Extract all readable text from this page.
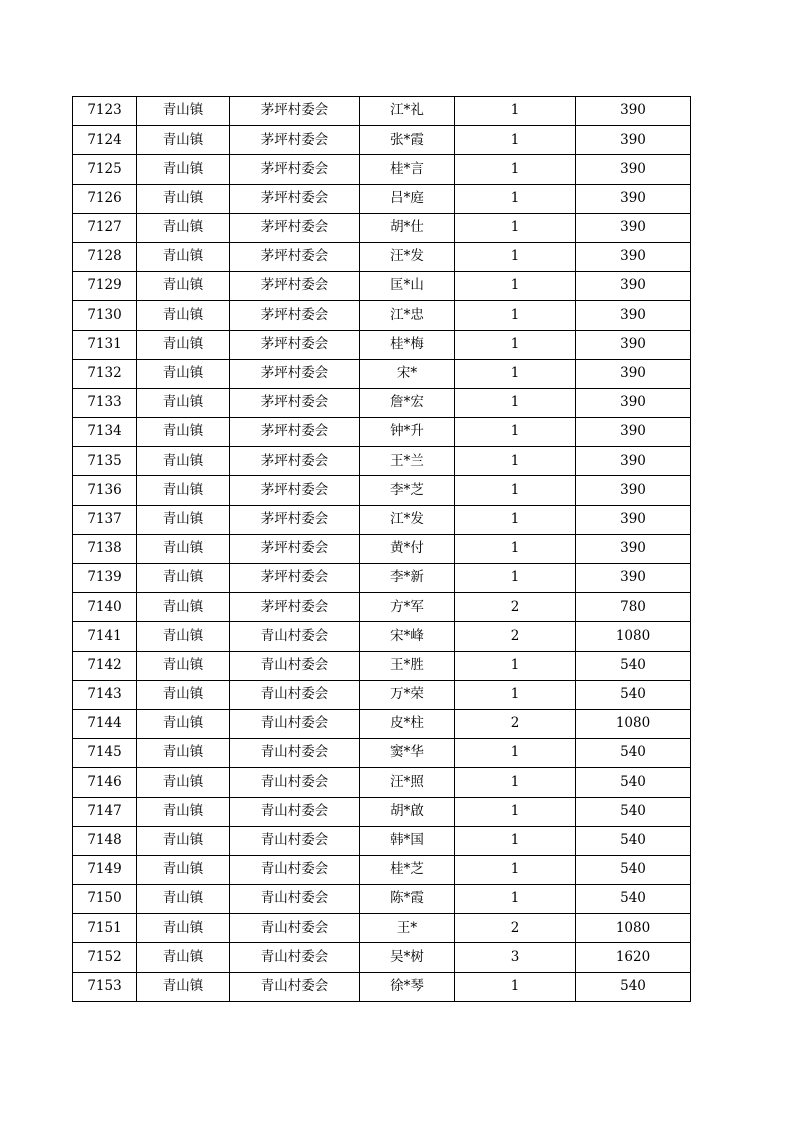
7123	青山镇	茅坪村委会	江*礼	1	390
7124	青山镇	茅坪村委会	张*霞	1	390
7125	青山镇	茅坪村委会	桂*言	1	390
7126	青山镇	茅坪村委会	吕*庭	1	390
7127	青山镇	茅坪村委会	胡*仕	1	390
7128	青山镇	茅坪村委会	汪*发	1	390
7129	青山镇	茅坪村委会	匡*山	1	390
7130	青山镇	茅坪村委会	江*忠	1	390
7131	青山镇	茅坪村委会	桂*梅	1	390
7132	青山镇	茅坪村委会	宋*	1	390
7133	青山镇	茅坪村委会	詹*宏	1	390
7134	青山镇	茅坪村委会	钟*升	1	390
7135	青山镇	茅坪村委会	王*兰	1	390
7136	青山镇	茅坪村委会	李*芝	1	390
7137	青山镇	茅坪村委会	江*发	1	390
7138	青山镇	茅坪村委会	黄*付	1	390
7139	青山镇	茅坪村委会	李*新	1	390
7140	青山镇	茅坪村委会	方*军	2	780
7141	青山镇	青山村委会	宋*峰	2	1080
7142	青山镇	青山村委会	王*胜	1	540
7143	青山镇	青山村委会	万*荣	1	540
7144	青山镇	青山村委会	皮*柱	2	1080
7145	青山镇	青山村委会	窦*华	1	540
7146	青山镇	青山村委会	汪*照	1	540
7147	青山镇	青山村委会	胡*啟	1	540
7148	青山镇	青山村委会	韩*国	1	540
7149	青山镇	青山村委会	桂*芝	1	540
7150	青山镇	青山村委会	陈*霞	1	540
7151	青山镇	青山村委会	王*	2	1080
7152	青山镇	青山村委会	吴*树	3	1620
7153	青山镇	青山村委会	徐*琴	1	540
